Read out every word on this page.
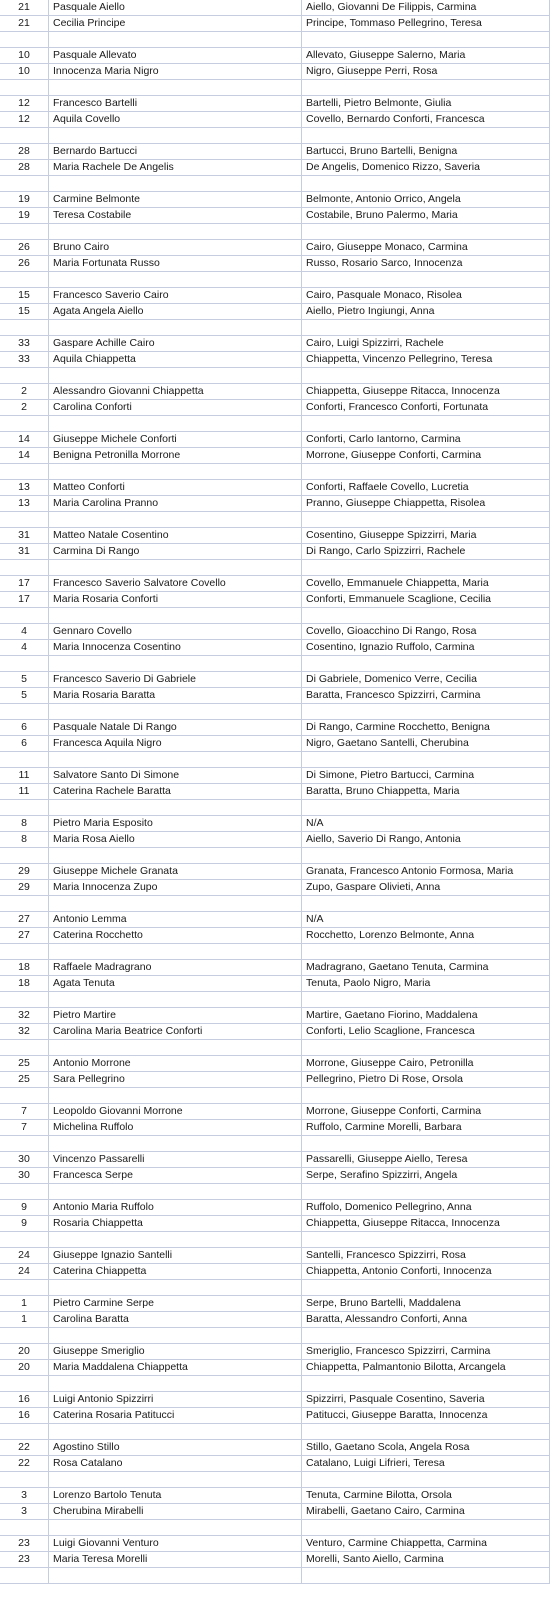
21	Pasquale Aiello	Aiello, Giovanni De Filippis, Carmina
21	Cecilia Principe	Principe, Tommaso Pellegrino, Teresa
10	Pasquale Allevato	Allevato, Giuseppe Salerno, Maria
10	Innocenza Maria Nigro	Nigro, Giuseppe Perri, Rosa
12	Francesco Bartelli	Bartelli, Pietro Belmonte, Giulia
12	Aquila Covello	Covello, Bernardo Conforti, Francesca
28	Bernardo Bartucci	Bartucci, Bruno Bartelli, Benigna
28	Maria Rachele De Angelis	De Angelis, Domenico Rizzo, Saveria
19	Carmine Belmonte	Belmonte, Antonio Orrico, Angela
19	Teresa Costabile	Costabile, Bruno Palermo, Maria
26	Bruno Cairo	Cairo, Giuseppe Monaco, Carmina
26	Maria Fortunata Russo	Russo, Rosario Sarco, Innocenza
15	Francesco Saverio Cairo	Cairo, Pasquale Monaco, Risolea
15	Agata Angela Aiello	Aiello, Pietro Ingiungi, Anna
33	Gaspare Achille Cairo	Cairo, Luigi Spizzirri, Rachele
33	Aquila Chiappetta	Chiappetta, Vincenzo Pellegrino, Teresa
2	Alessandro Giovanni Chiappetta	Chiappetta, Giuseppe Ritacca, Innocenza
2	Carolina Conforti	Conforti, Francesco Conforti, Fortunata
14	Giuseppe Michele Conforti	Conforti, Carlo Iantorno, Carmina
14	Benigna Petronilla Morrone	Morrone, Giuseppe Conforti, Carmina
13	Matteo Conforti	Conforti, Raffaele Covello, Lucretia
13	Maria Carolina Pranno	Pranno, Giuseppe Chiappetta, Risolea
31	Matteo Natale Cosentino	Cosentino, Giuseppe Spizzirri, Maria
31	Carmina Di Rango	Di Rango, Carlo Spizzirri, Rachele
17	Francesco Saverio Salvatore Covello	Covello, Emmanuele Chiappetta, Maria
17	Maria Rosaria Conforti	Conforti, Emmanuele Scaglione, Cecilia
4	Gennaro Covello	Covello, Gioacchino Di Rango, Rosa
4	Maria Innocenza Cosentino	Cosentino, Ignazio Ruffolo, Carmina
5	Francesco Saverio Di Gabriele	Di Gabriele, Domenico Verre, Cecilia
5	Maria Rosaria Baratta	Baratta, Francesco Spizzirri, Carmina
6	Pasquale Natale Di Rango	Di Rango, Carmine Rocchetto, Benigna
6	Francesca Aquila Nigro	Nigro, Gaetano Santelli, Cherubina
11	Salvatore Santo Di Simone	Di Simone, Pietro Bartucci, Carmina
11	Caterina Rachele Baratta	Baratta, Bruno Chiappetta, Maria
8	Pietro Maria Esposito	N/A
8	Maria Rosa Aiello	Aiello, Saverio Di Rango, Antonia
29	Giuseppe Michele Granata	Granata, Francesco Antonio Formosa, Maria
29	Maria Innocenza Zupo	Zupo, Gaspare Olivieti, Anna
27	Antonio Lemma	N/A
27	Caterina Rocchetto	Rocchetto, Lorenzo Belmonte, Anna
18	Raffaele Madragrano	Madragrano, Gaetano Tenuta, Carmina
18	Agata Tenuta	Tenuta, Paolo Nigro, Maria
32	Pietro Martire	Martire, Gaetano Fiorino, Maddalena
32	Carolina Maria Beatrice Conforti	Conforti, Lelio Scaglione, Francesca
25	Antonio Morrone	Morrone, Giuseppe Cairo, Petronilla
25	Sara Pellegrino	Pellegrino, Pietro Di Rose, Orsola
7	Leopoldo Giovanni Morrone	Morrone, Giuseppe Conforti, Carmina
7	Michelina Ruffolo	Ruffolo, Carmine Morelli, Barbara
30	Vincenzo Passarelli	Passarelli, Giuseppe Aiello, Teresa
30	Francesca Serpe	Serpe, Serafino Spizzirri, Angela
9	Antonio Maria Ruffolo	Ruffolo, Domenico Pellegrino, Anna
9	Rosaria Chiappetta	Chiappetta, Giuseppe Ritacca, Innocenza
24	Giuseppe Ignazio Santelli	Santelli, Francesco Spizzirri, Rosa
24	Caterina Chiappetta	Chiappetta, Antonio Conforti, Innocenza
1	Pietro Carmine Serpe	Serpe, Bruno Bartelli, Maddalena
1	Carolina Baratta	Baratta, Alessandro Conforti, Anna
20	Giuseppe Smeriglio	Smeriglio, Francesco Spizzirri, Carmina
20	Maria Maddalena Chiappetta	Chiappetta, Palmantonio Bilotta, Arcangela
16	Luigi Antonio Spizzirri	Spizzirri, Pasquale Cosentino, Saveria
16	Caterina Rosaria Patitucci	Patitucci, Giuseppe Baratta, Innocenza
22	Agostino Stillo	Stillo, Gaetano Scola, Angela Rosa
22	Rosa Catalano	Catalano, Luigi Lifrieri, Teresa
3	Lorenzo Bartolo Tenuta	Tenuta, Carmine Bilotta, Orsola
3	Cherubina Mirabelli	Mirabelli, Gaetano Cairo, Carmina
23	Luigi Giovanni Venturo	Venturo, Carmine Chiappetta, Carmina
23	Maria Teresa Morelli	Morelli, Santo Aiello, Carmina
